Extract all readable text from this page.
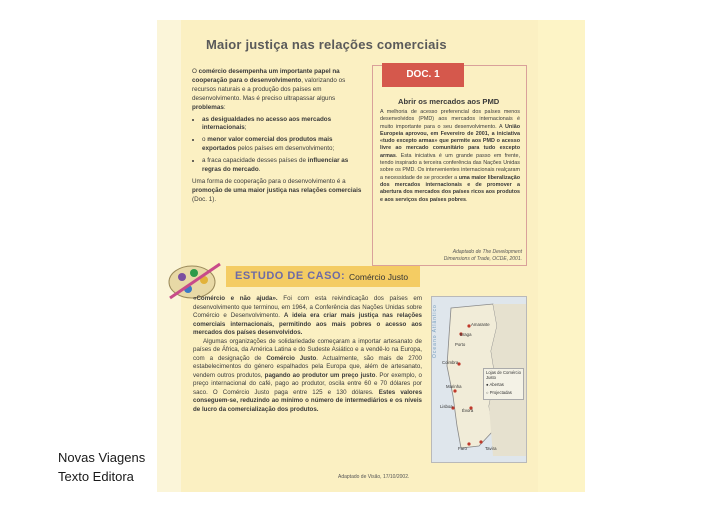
Novas Viagens
Texto Editora
Maior justiça nas relações comerciais

O comércio desempenha um importante papel na cooperação para o desenvolvimento, valorizando os recursos naturais e a produção dos países em desenvolvimento. Mas é preciso ultrapassar alguns problemas:

• as desigualdades no acesso aos mercados internacionais;
• o menor valor comercial dos produtos mais exportados pelos países em desenvolvimento;
• a fraca capacidade desses países de influenciar as regras do mercado.

Uma forma de cooperação para o desenvolvimento é a promoção de uma maior justiça nas relações comerciais (Doc. 1).

DOC. 1
Abrir os mercados aos PMD
A melhoria de acesso preferencial dos países menos desenvolvidos (PMD) aos mercados internacionais é muito importante para o seu desenvolvimento. A União Europeia aprovou, em Fevereiro de 2001, a iniciativa «tudo excepto armas» que permite aos PMD o acesso livre ao mercado comunitário para tudo excepto armas. Esta iniciativa é um grande passo em frente, tendo inspirado a terceira conferência das Nações Unidas sobre os PMD. Os intervenientes internacionais realçaram a necessidade de se proceder a uma maior liberalização dos mercados internacionais e de promover a abertura dos mercados dos países ricos aos produtos e aos serviços dos países pobres.
Adaptado de The Development
Dimensions of Trade, OCDE, 2001.
ESTUDO DE CASO: Comércio Justo

«Comércio e não ajuda». Foi com esta reivindicação dos países em desenvolvimento que terminou, em 1964, a Conferência das Nações Unidas sobre Comércio e Desenvolvimento. A ideia era criar mais justiça nas relações comerciais internacionais, permitindo aos mais pobres o acesso aos mercados dos países desenvolvidos.

Algumas organizações de solidariedade começaram a importar artesanato de países de África, da América Latina e do Sudeste Asiático e a vendê-lo na Europa, com a designação de Comércio Justo. Actualmente, são mais de 2700 estabelecimentos do género espalhados pela Europa que, além de artesanato, vendem outros produtos, pagando ao produtor um preço justo. Por exemplo, o preço internacional do café, pago ao produtor, oscila entre 60 e 70 dólares por saco. O Comércio Justo paga entre 125 e 130 dólares. Estes valores conseguem-se, reduzindo ao mínimo o número de intermediários e os níveis de lucro da comercialização dos produtos.

Adaptado de Visão, 17/10/2002.
Oceano Atlântico	Amarante
Braga
Coimbra
Porto
Marinha
Lisboa
Évora
Faro	Tavira
Lojas de Comércio Justo
● Abertas
○ Projectadas
